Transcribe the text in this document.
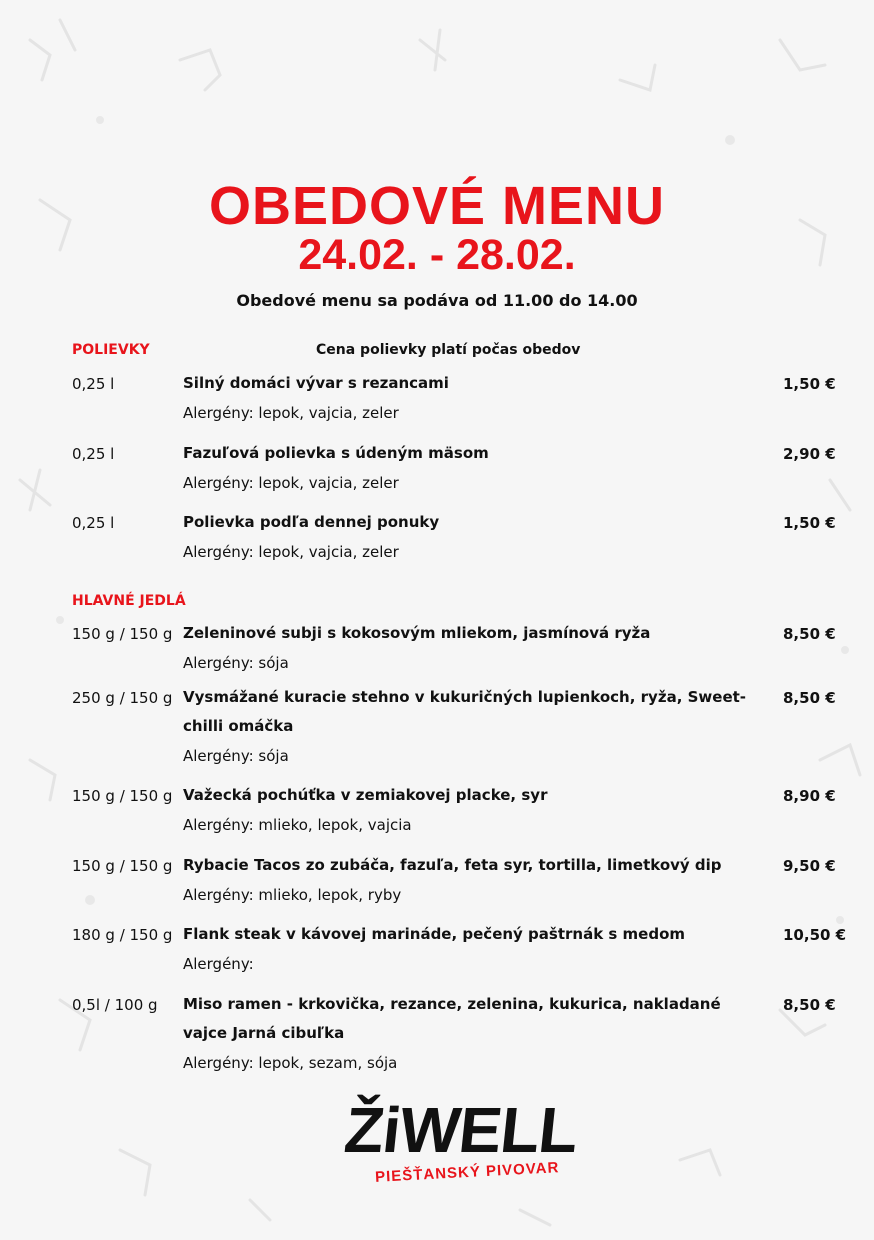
OBEDOVÉ MENU
24.02. - 28.02.
Obedové menu sa podáva od 11.00 do 14.00
POLIEVKY	Cena polievky platí počas obedov
0,25 l	Silný domáci vývar s rezancami	1,50 €
Alergény: lepok, vajcia, zeler
0,25 l	Fazuľová polievka s údeným mäsom	2,90 €
Alergény: lepok, vajcia, zeler
0,25 l	Polievka podľa dennej ponuky	1,50 €
Alergény: lepok, vajcia, zeler
HLAVNÉ JEDLÁ
150 g / 150 g Zeleninové subji s kokosovým mliekom, jasmínová ryža	8,50 €
Alergény: sója
250 g / 150 g Vysmážané kuracie stehno v kukuričných lupienkoch, ryža, Sweet-chilli omáčka
8,50 €
Alergény: sója
150 g / 150 g Važecká pochúťka v zemiakovej placke, syr	8,90 €
Alergény: mlieko, lepok, vajcia
150 g / 150 g Rybacie Tacos zo zubáča, fazuľa, feta syr, tortilla, limetkový dip	9,50 €
Alergény: mlieko, lepok, ryby
180 g / 150 g Flank steak v kávovej marináde, pečený paštrnák s medom	10,50 €
Alergény:
0,5l / 100 g Miso ramen - krkovička, rezance, zelenina, kukurica, nakladané vajce Jarná cibuľka
8,50 €
Alergény: lepok, sezam, sója
ŽiWELL
PIEŠŤANSKÝ PIVOVAR
